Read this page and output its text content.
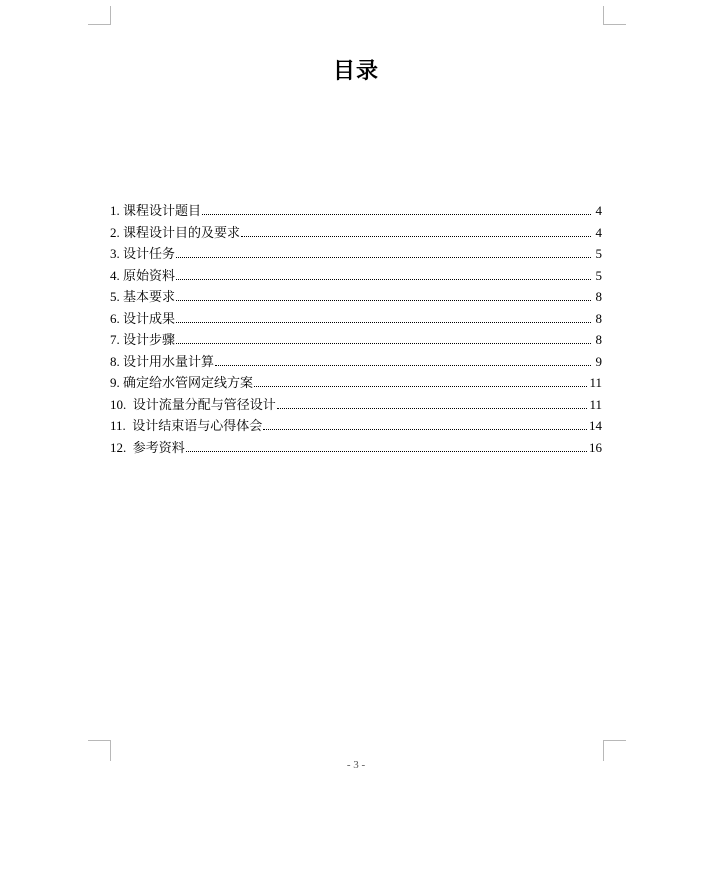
目录
1. 课程设计题目	4
2. 课程设计目的及要求	4
3. 设计任务	5
4. 原始资料	5
5. 基本要求	8
6. 设计成果	8
7. 设计步骤	8
8. 设计用水量计算	9
9. 确定给水管网定线方案	11
10. 设计流量分配与管径设计	11
11. 设计结束语与心得体会	14
12. 参考资料	16
- 3 -
